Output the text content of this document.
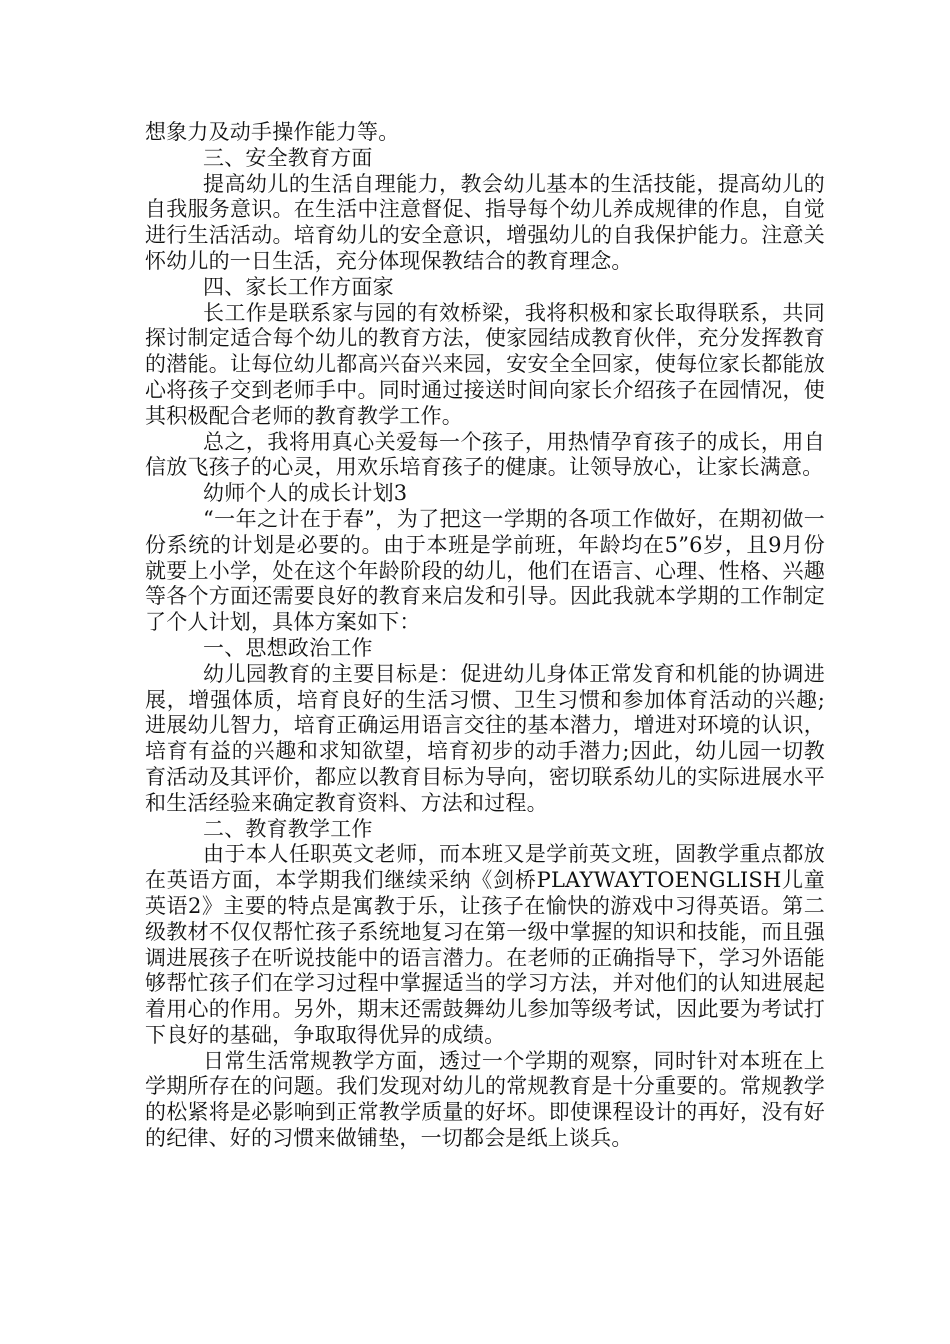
想象力及动手操作能力等。

三、安全教育方面

提高幼儿的生活自理能力，教会幼儿基本的生活技能，提高幼儿的自我服务意识。在生活中注意督促、指导每个幼儿养成规律的作息，自觉进行生活活动。培育幼儿的安全意识，增强幼儿的自我保护能力。注意关怀幼儿的一日生活，充分体现保教结合的教育理念。

四、家长工作方面家

长工作是联系家与园的有效桥梁，我将积极和家长取得联系，共同探讨制定适合每个幼儿的教育方法，使家园结成教育伙伴，充分发挥教育的潜能。让每位幼儿都高兴奋兴来园，安安全全回家，使每位家长都能放心将孩子交到老师手中。同时通过接送时间向家长介绍孩子在园情况，使其积极配合老师的教育教学工作。

总之，我将用真心关爱每一个孩子，用热情孕育孩子的成长，用自信放飞孩子的心灵，用欢乐培育孩子的健康。让领导放心，让家长满意。

幼师个人的成长计划3

“一年之计在于春”，为了把这一学期的各项工作做好，在期初做一份系统的计划是必要的。由于本班是学前班，年龄均在5”6岁，且9月份就要上小学，处在这个年龄阶段的幼儿，他们在语言、心理、性格、兴趣等各个方面还需要良好的教育来启发和引导。因此我就本学期的工作制定了个人计划，具体方案如下：

一、思想政治工作

幼儿园教育的主要目标是：促进幼儿身体正常发育和机能的协调进展，增强体质，培育良好的生活习惯、卫生习惯和参加体育活动的兴趣;进展幼儿智力，培育正确运用语言交往的基本潜力，增进对环境的认识，培育有益的兴趣和求知欲望，培育初步的动手潜力;因此，幼儿园一切教育活动及其评价，都应以教育目标为导向，密切联系幼儿的实际进展水平和生活经验来确定教育资料、方法和过程。

二、教育教学工作

由于本人任职英文老师，而本班又是学前英文班，固教学重点都放在英语方面，本学期我们继续采纳《剑桥PLAYWAYTOENGLISH儿童英语2》主要的特点是寓教于乐，让孩子在愉快的游戏中习得英语。第二级教材不仅仅帮忙孩子系统地复习在第一级中掌握的知识和技能，而且强调进展孩子在听说技能中的语言潜力。在老师的正确指导下，学习外语能够帮忙孩子们在学习过程中掌握适当的学习方法，并对他们的认知进展起着用心的作用。另外，期末还需鼓舞幼儿参加等级考试，因此要为考试打下良好的基础，争取取得优异的成绩。

日常生活常规教学方面，透过一个学期的观察，同时针对本班在上学期所存在的问题。我们发现对幼儿的常规教育是十分重要的。常规教学的松紧将是必影响到正常教学质量的好坏。即使课程设计的再好，没有好的纪律、好的习惯来做铺垫，一切都会是纸上谈兵。
